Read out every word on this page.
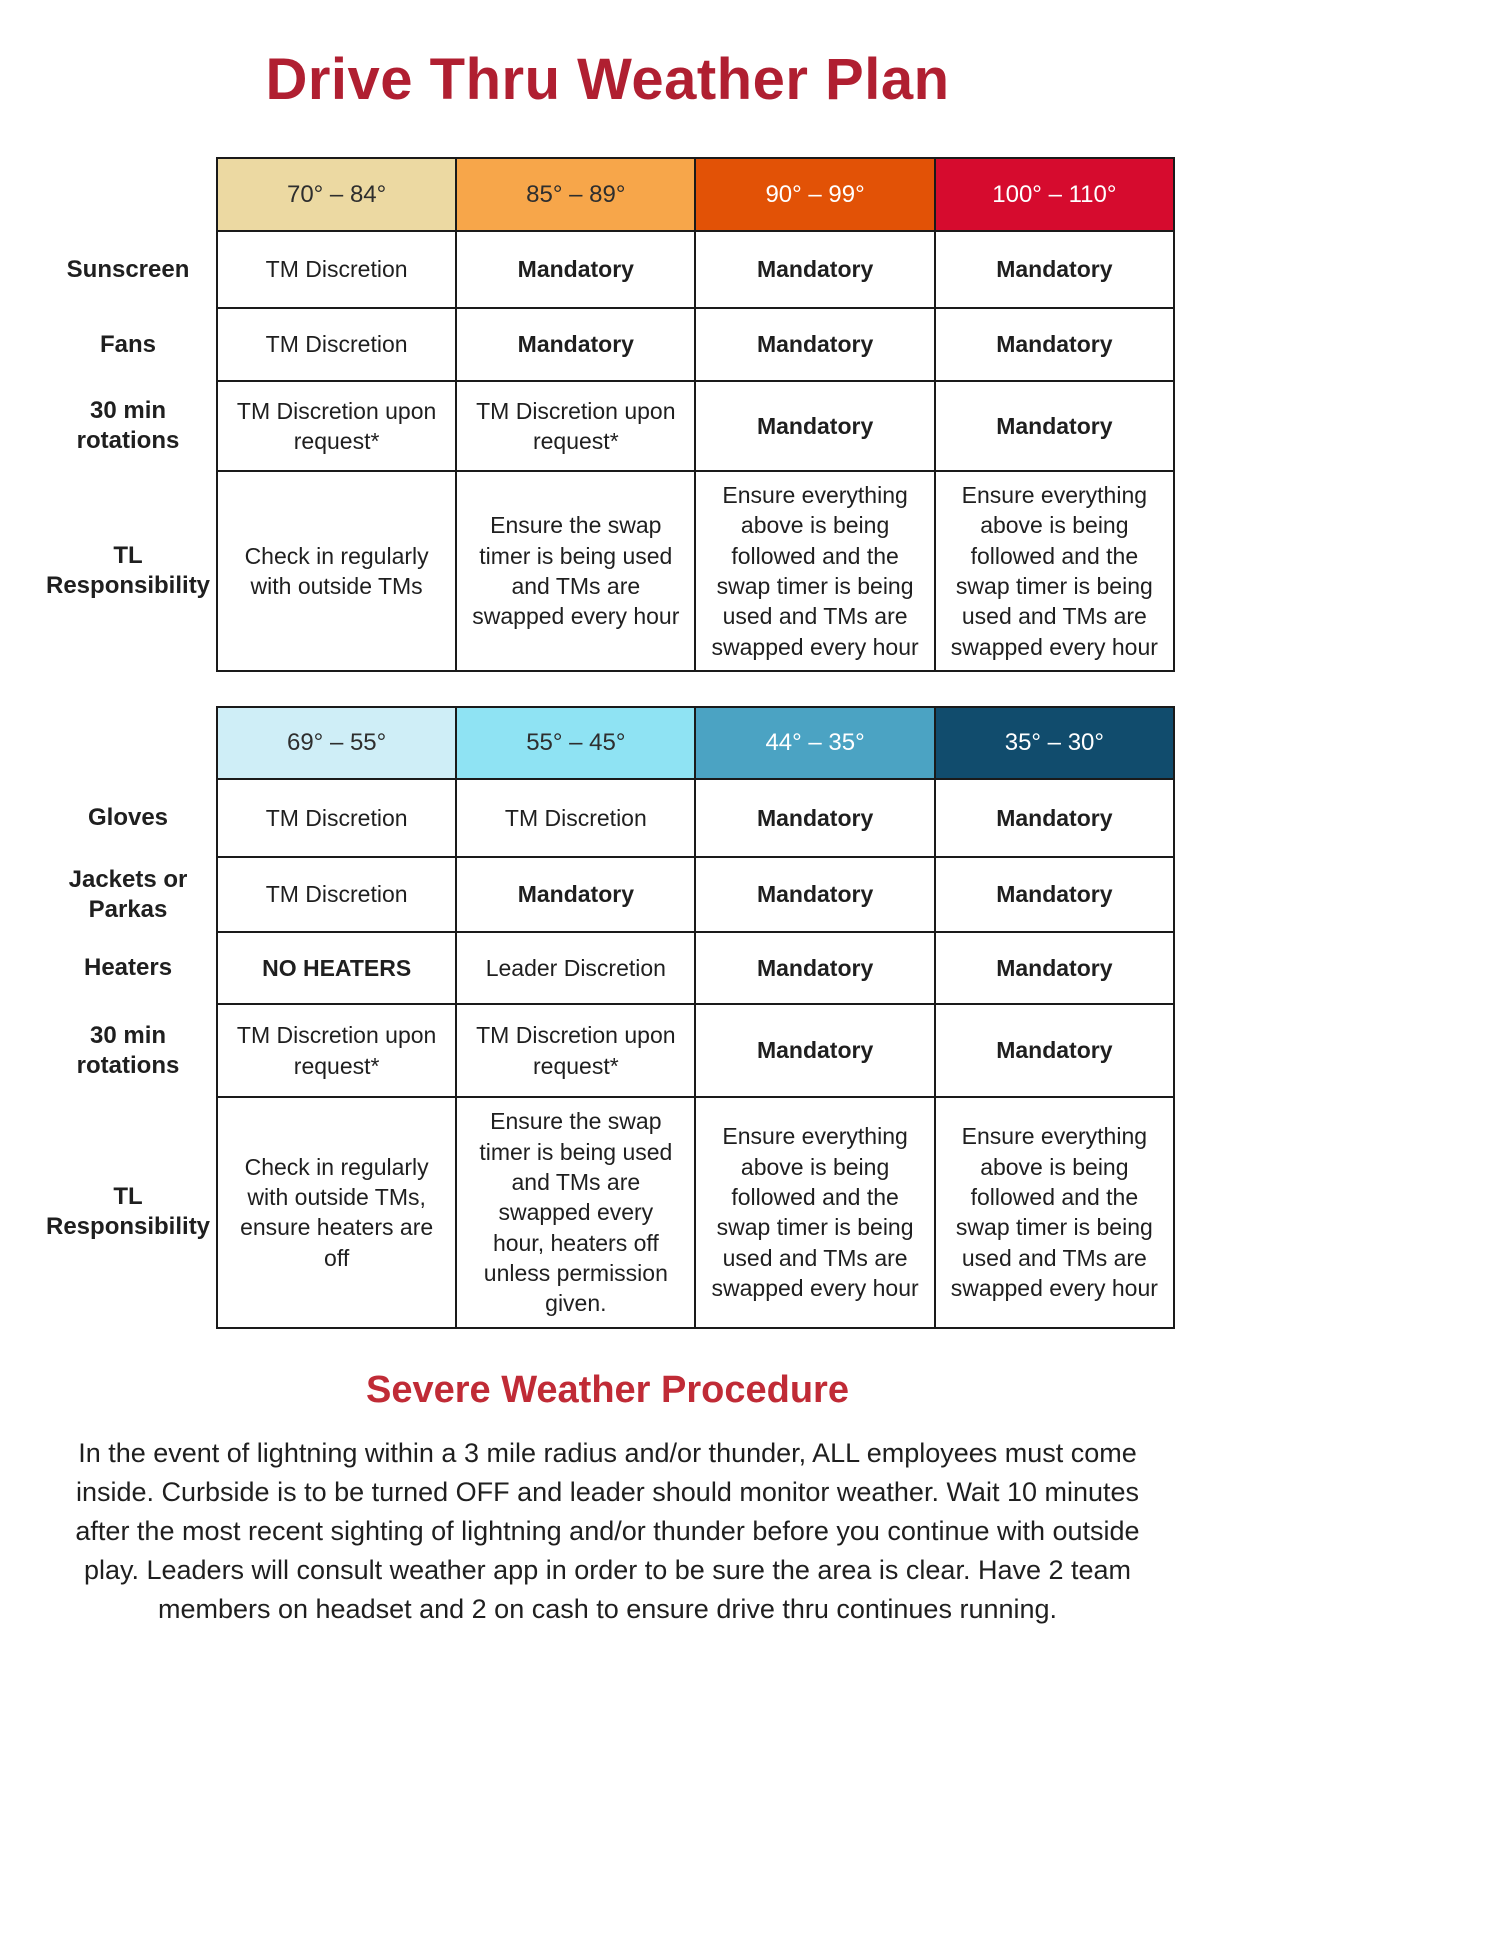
Drive Thru Weather Plan
	70° – 84°	85° – 89°	90° – 99°	100° – 110°
Sunscreen	TM Discretion	Mandatory	Mandatory	Mandatory
Fans	TM Discretion	Mandatory	Mandatory	Mandatory
30 min rotations	TM Discretion upon request*	TM Discretion upon request*	Mandatory	Mandatory
TL Responsibility	Check in regularly with outside TMs	Ensure the swap timer is being used and TMs are swapped every hour	Ensure everything above is being followed and the swap timer is being used and TMs are swapped every hour	Ensure everything above is being followed and the swap timer is being used and TMs are swapped every hour
	69° – 55°	55° – 45°	44° – 35°	35° – 30°
Gloves	TM Discretion	TM Discretion	Mandatory	Mandatory
Jackets or Parkas	TM Discretion	Mandatory	Mandatory	Mandatory
Heaters	NO HEATERS	Leader Discretion	Mandatory	Mandatory
30 min rotations	TM Discretion upon request*	TM Discretion upon request*	Mandatory	Mandatory
TL Responsibility	Check in regularly with outside TMs, ensure heaters are off	Ensure the swap timer is being used and TMs are swapped every hour, heaters off unless permission given.	Ensure everything above is being followed and the swap timer is being used and TMs are swapped every hour	Ensure everything above is being followed and the swap timer is being used and TMs are swapped every hour
Severe Weather Procedure

In the event of lightning within a 3 mile radius and/or thunder, ALL employees must come inside. Curbside is to be turned OFF and leader should monitor weather. Wait 10 minutes after the most recent sighting of lightning and/or thunder before you continue with outside play. Leaders will consult weather app in order to be sure the area is clear. Have 2 team members on headset and 2 on cash to ensure drive thru continues running.
